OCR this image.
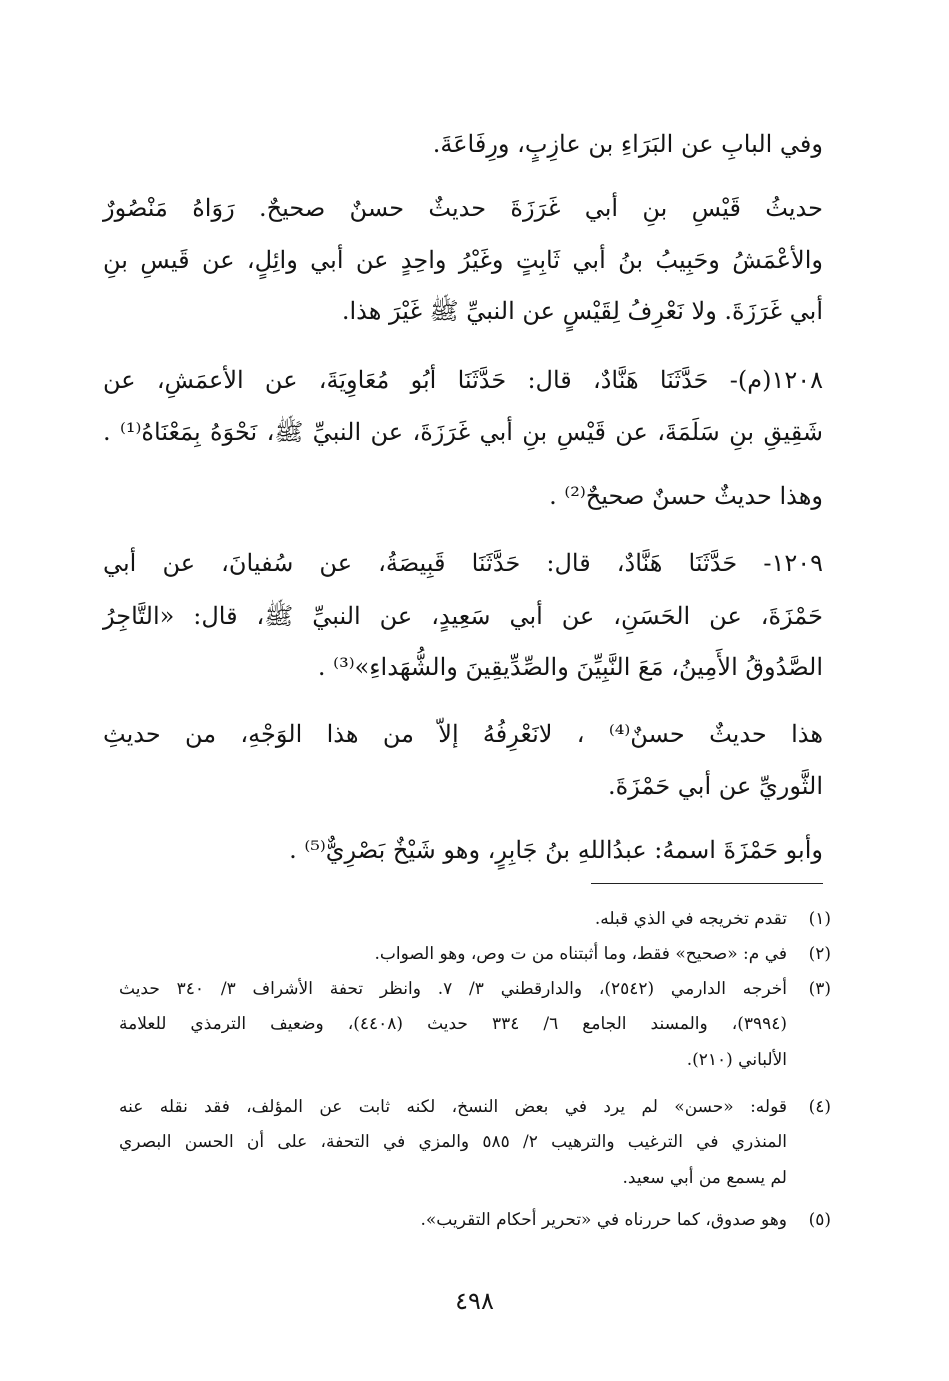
وفي البابِ عن البَرَاءِ بن عازِبٍ، ورِفَاعَةَ.
حديثُ قَيْسِ بنِ أبي غَرَزَةَ حديثٌ حسنٌ صحيحٌ. رَوَاهُ مَنْصُورٌ
والأعْمَشُ وحَبِيبُ بنُ أبي ثَابِتٍ وغَيْرُ واحِدٍ عن أبي وائِلٍ، عن قَيسِ بنِ
أبي غَرَزَةَ. ولا نَعْرِفُ لِقَيْسٍ عن النبيِّ ﷺ غَيْرَ هذا.
١٢٠٨(م)- حَدَّثَنَا هَنَّادٌ، قال: حَدَّثَنَا أبُو مُعَاوِيَةَ، عن الأعمَشِ، عن
شَقِيقِ بنِ سَلَمَةَ، عن قَيْسِ بنِ أبي غَرَزَةَ، عن النبيِّ ﷺ، نَحْوَهُ بِمَعْنَاهُ⁽¹⁾ .
وهذا حديثٌ حسنٌ صحيحٌ⁽²⁾ .
١٢٠٩- حَدَّثَنَا هَنَّادٌ، قال: حَدَّثَنَا قَبِيصَةُ، عن سُفيانَ، عن أبي
حَمْزَةَ، عن الحَسَنِ، عن أبي سَعِيدٍ، عن النبيِّ ﷺ، قال: «التَّاجِرُ
الصَّدُوقُ الأَمِينُ، مَعَ النَّبِيِّنَ والصِّدِّيقِينَ والشُّهَداءِ»⁽³⁾ .
هذا حديثٌ حسنٌ⁽⁴⁾ ، لانَعْرِفُهُ إلاّ من هذا الوَجْهِ، من حديثِ
الثَّوريِّ عن أبي حَمْزَةَ.
وأبو حَمْزَةَ اسمهُ: عبدُاللهِ بنُ جَابِرٍ، وهو شَيْخٌ بَصْرِيٌّ⁽⁵⁾ .
(١)تقدم تخريجه في الذي قبله.
(٢)في م: «صحيح» فقط، وما أثبتناه من ت وص، وهو الصواب.
(٣)أخرجه الدارمي (٢٥٤٢)، والدارقطني ٣/ ٧. وانظر تحفة الأشراف ٣/ ٣٤٠ حديث
(٣٩٩٤)، والمسند الجامع ٦/ ٣٣٤ حديث (٤٤٠٨)، وضعيف الترمذي للعلامة
الألباني (٢١٠).
(٤)قوله: «حسن» لم يرد في بعض النسخ، لكنه ثابت عن المؤلف، فقد نقله عنه
المنذري في الترغيب والترهيب ٢/ ٥٨٥ والمزي في التحفة، على أن الحسن البصري
لم يسمع من أبي سعيد.
(٥)وهو صدوق، كما حررناه في «تحرير أحكام التقريب».
٤٩٨
